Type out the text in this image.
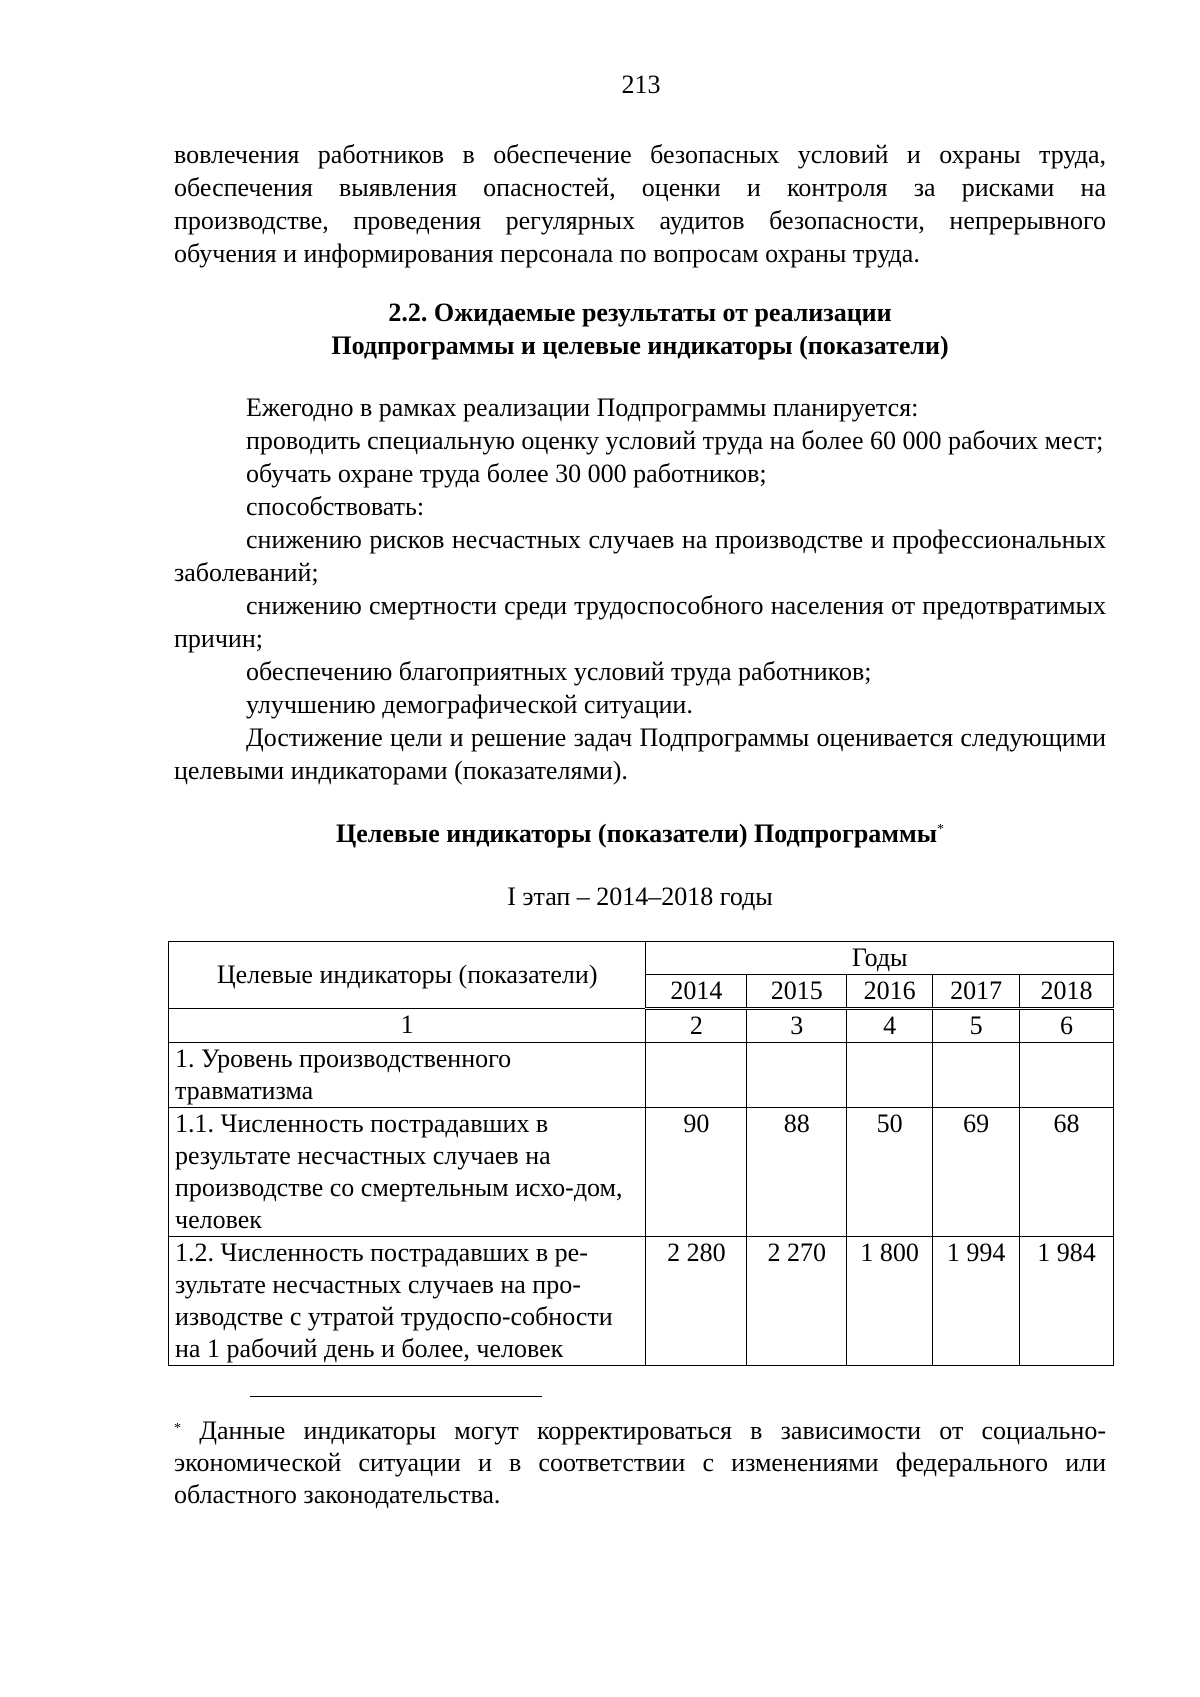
213

вовлечения работников в обеспечение безопасных условий и охраны труда, обеспечения выявления опасностей, оценки и контроля за рисками на производстве, проведения регулярных аудитов безопасности, непрерывного обучения и информирования персонала по вопросам охраны труда.

2.2. Ожидаемые результаты от реализации
Подпрограммы и целевые индикаторы (показатели)

Ежегодно в рамках реализации Подпрограммы планируется:

проводить специальную оценку условий труда на более 60 000 рабочих мест;

обучать охране труда более 30 000 работников;

способствовать:

снижению рисков несчастных случаев на производстве и профессиональных заболеваний;

снижению смертности среди трудоспособного населения от предотвратимых причин;

обеспечению благоприятных условий труда работников;

улучшению демографической ситуации.

Достижение цели и решение задач Подпрограммы оценивается следующими целевыми индикаторами (показателями).

Целевые индикаторы (показатели) Подпрограммы*
I этап – 2014–2018 годы
Целевые индикаторы (показатели)	Годы				
	2014	2015	2016	2017	2018
1	2	3	4	5	6
1. Уровень производственного травматизма					
1.1. Численность пострадавших в результате несчастных случаев на производстве со смертельным исхо-дом, человек	90	88	50	69	68
1.2. Численность пострадавших в ре-зультате несчастных случаев на про-изводстве с утратой трудоспо-собности на 1 рабочий день и более, человек	2 280	2 270	1 800	1 994	1 984

* Данные индикаторы могут корректироваться в зависимости от социально-экономической ситуации и в соответствии с изменениями федерального или областного законодательства.
